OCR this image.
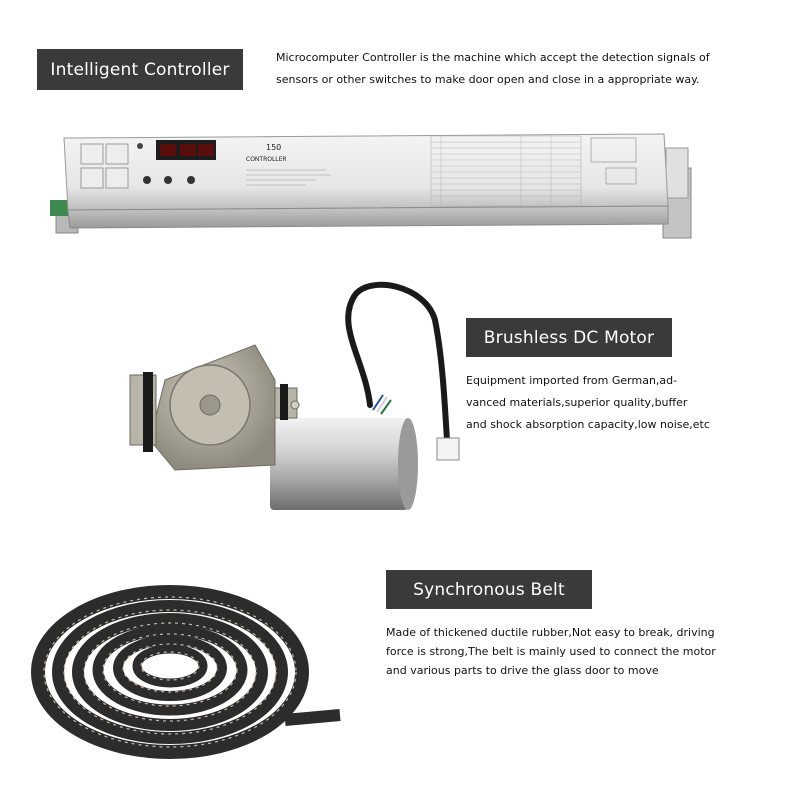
Intelligent Controller
Microcomputer Controller is the machine which accept the detection signals of
sensors or other switches to make door open and close in a appropriate way.
150
CONTROLLER
Brushless DC Motor
Equipment imported from German,ad-
vanced materials,superior quality,buffer
and shock absorption capacity,low noise,etc
Synchronous Belt
Made of thickened ductile rubber,Not easy to break, driving
force is strong,The belt is mainly used to connect the motor
and various parts to drive the glass door to move
